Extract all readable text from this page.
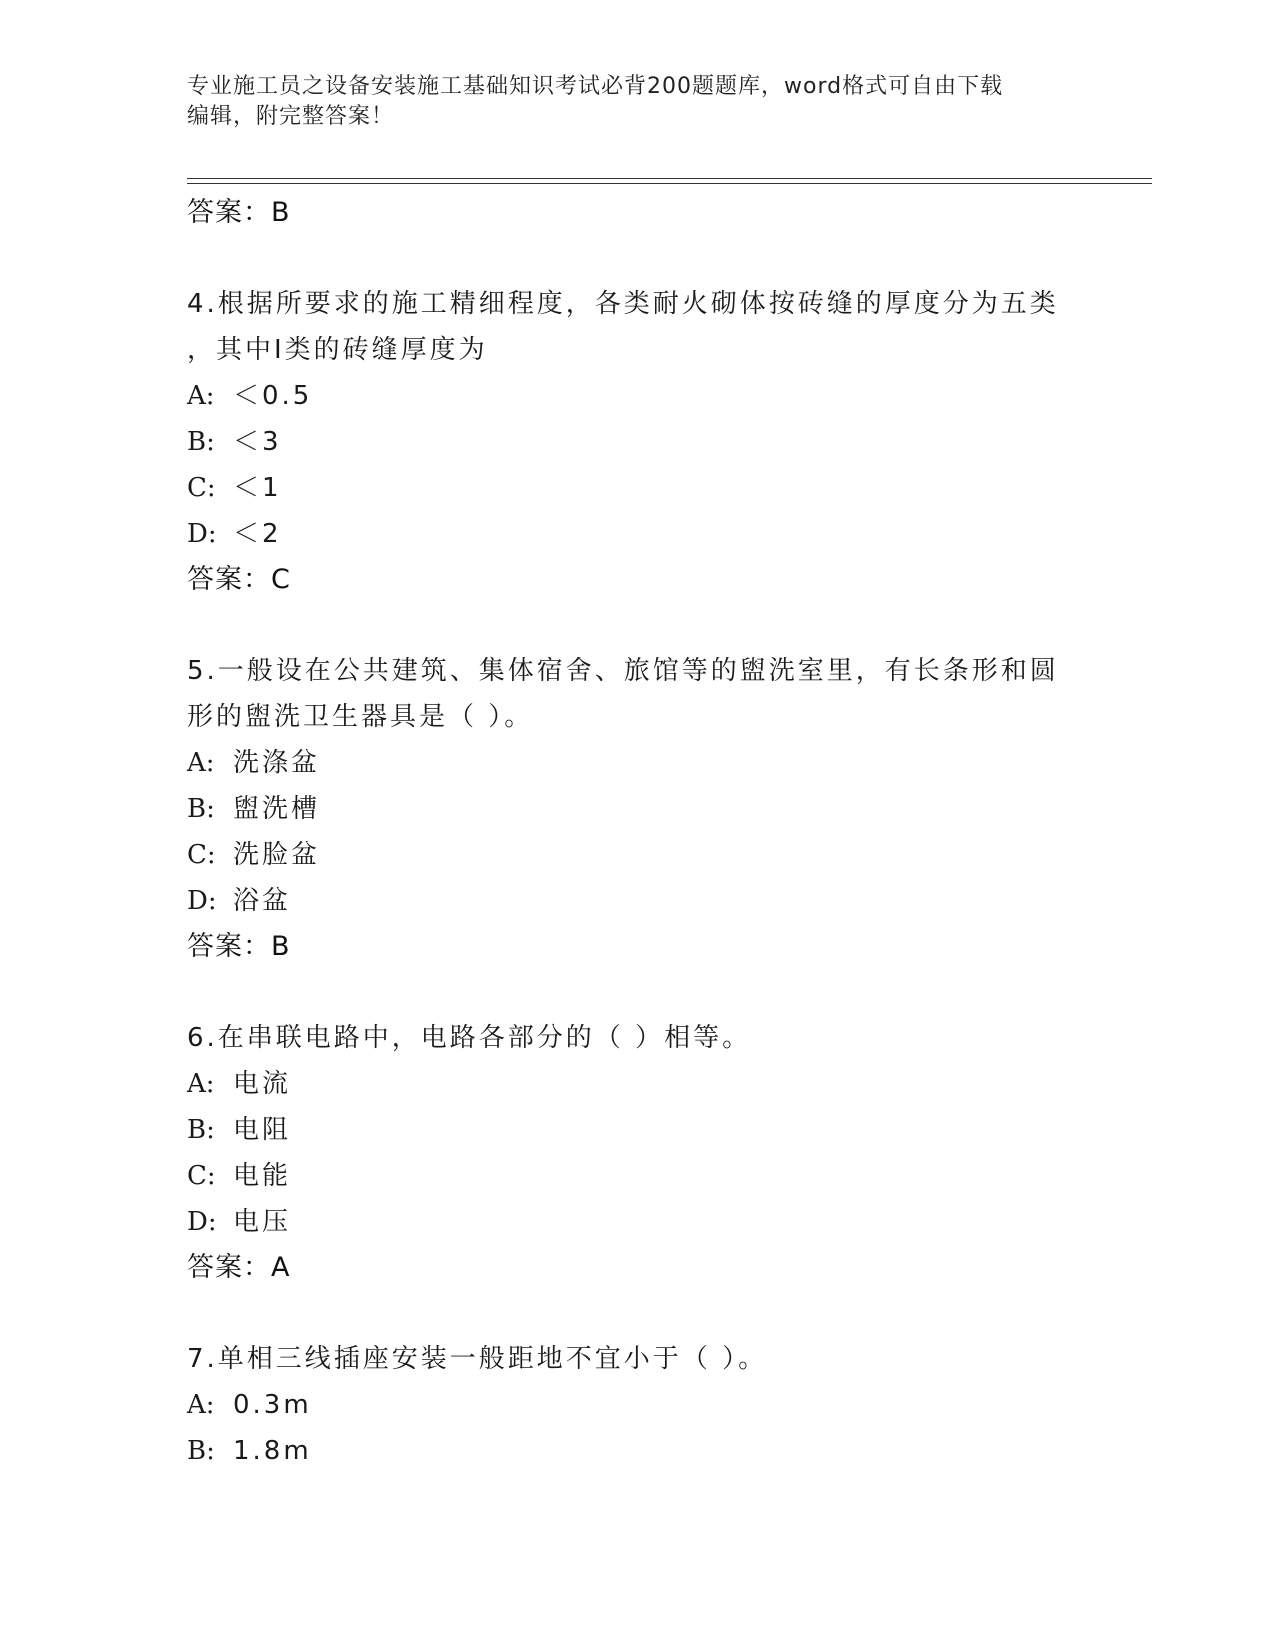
专业施工员之设备安装施工基础知识考试必背200题题库，word格式可自由下载
编辑，附完整答案！
答案：B
4.根据所要求的施工精细程度，各类耐火砌体按砖缝的厚度分为五类
，其中Ⅰ类的砖缝厚度为
A: ＜0.5
B: ＜3
C: ＜1
D: ＜2
答案：C
5.一般设在公共建筑、集体宿舍、旅馆等的盥洗室里，有长条形和圆
形的盥洗卫生器具是（ ）。
A: 洗涤盆
B: 盥洗槽
C: 洗脸盆
D: 浴盆
答案：B
6.在串联电路中，电路各部分的（ ）相等。
A: 电流
B: 电阻
C: 电能
D: 电压
答案：A
7.单相三线插座安装一般距地不宜小于（ ）。
A: 0.3m
B: 1.8m
